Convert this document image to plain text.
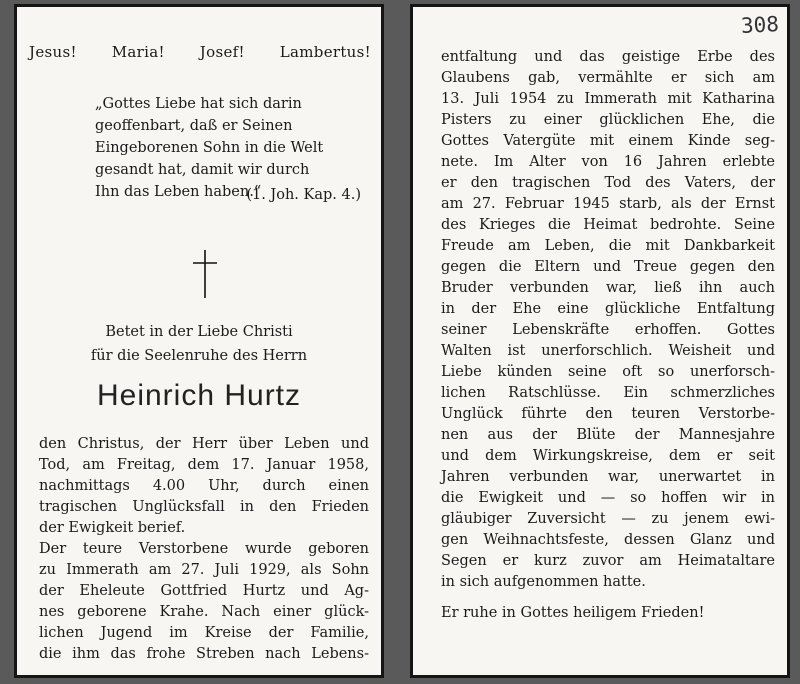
Jesus! Maria! Josef! Lambertus!
„Gottes Liebe hat sich darin
geoffenbart, daß er Seinen
Eingeborenen Sohn in die Welt
gesandt hat, damit wir durch
Ihn das Leben haben.“
(1. Joh. Kap. 4.)
Betet in der Liebe Christi
für die Seelenruhe des Herrn
Heinrich Hurtz
den Christus, der Herr über Leben und
Tod, am Freitag, dem 17. Januar 1958,
nachmittags 4.00 Uhr, durch einen
tragischen Unglücksfall in den Frieden
der Ewigkeit berief.
Der teure Verstorbene wurde geboren
zu Immerath am 27. Juli 1929, als Sohn
der Eheleute Gottfried Hurtz und Ag-
nes geborene Krahe. Nach einer glück-
lichen Jugend im Kreise der Familie,
die ihm das frohe Streben nach Lebens-
308
entfaltung und das geistige Erbe des
Glaubens gab, vermählte er sich am
13. Juli 1954 zu Immerath mit Katharina
Pisters zu einer glücklichen Ehe, die
Gottes Vatergüte mit einem Kinde seg-
nete. Im Alter von 16 Jahren erlebte
er den tragischen Tod des Vaters, der
am 27. Februar 1945 starb, als der Ernst
des Krieges die Heimat bedrohte. Seine
Freude am Leben, die mit Dankbarkeit
gegen die Eltern und Treue gegen den
Bruder verbunden war, ließ ihn auch
in der Ehe eine glückliche Entfaltung
seiner Lebenskräfte erhoffen. Gottes
Walten ist unerforschlich. Weisheit und
Liebe künden seine oft so unerforsch-
lichen Ratschlüsse. Ein schmerzliches
Unglück führte den teuren Verstorbe-
nen aus der Blüte der Mannesjahre
und dem Wirkungskreise, dem er seit
Jahren verbunden war, unerwartet in
die Ewigkeit und — so hoffen wir in
gläubiger Zuversicht — zu jenem ewi-
gen Weihnachtsfeste, dessen Glanz und
Segen er kurz zuvor am Heimataltare
in sich aufgenommen hatte.
Er ruhe in Gottes heiligem Frieden!
